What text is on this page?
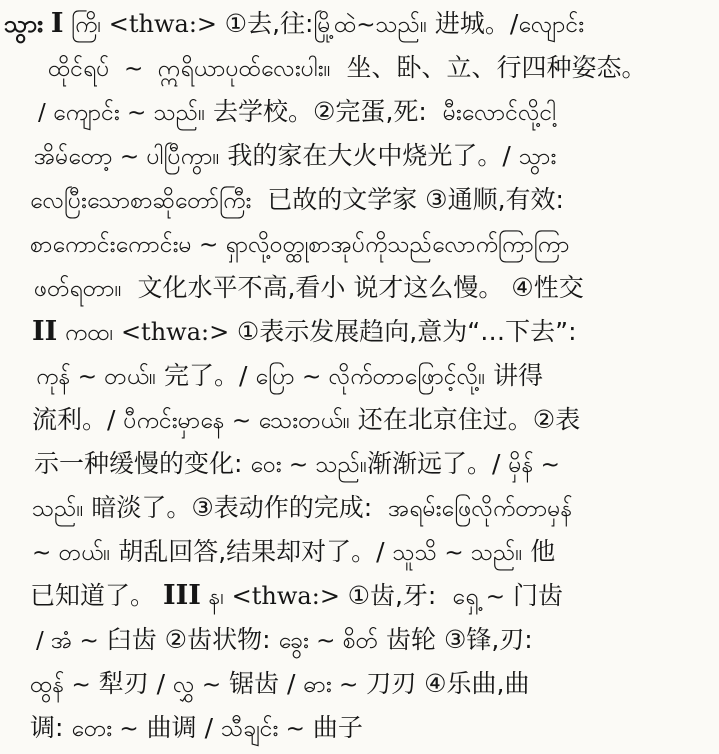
သွား I ကြိ၊ <thwa:> ①去,往:မြို့ထဲ~သည်။ 进城。/လျောင်း
ထိုင်ရပ်  ~  ဣရိယာပုထ်လေးပါး။  坐、卧、立、行四种姿态。
/ ကျောင်း ~ သည်။ 去学校。②完蛋,死:  မီးလောင်လို့ငါ့
အိမ်တော့ ~ ပါပြီကွာ။ 我的家在大火中烧光了。/ သွား
လေပြီးသောစာဆိုတော်ကြီး  已故的文学家 ③通顺,有效:
စာကောင်းကောင်းမ ~ ရှာလို့ဝတ္ထုစာအုပ်ကိုသည်လောက်ကြာကြာ
ဖတ်ရတာ။  文化水平不高,看小 说才这么慢。 ④性交
II ကထ၊ <thwa:> ①表示发展趋向,意为“…下去”:
ကုန် ~ တယ်။ 完了。/ ပြော ~ လိုက်တာဖြောင့်လို့။ 讲得
流利。/ ပီကင်းမှာနေ ~ သေးတယ်။ 还在北京住过。②表
示一种缓慢的变化: ဝေး ~ သည်။渐渐远了。/ မှိန် ~
သည်။ 暗淡了。③表动作的完成:  အရမ်းဖြေလိုက်တာမှန်
~ တယ်။ 胡乱回答,结果却对了。/ သူသိ ~ သည်။ 他
已知道了。 III န၊ <thwa:> ①齿,牙:  ရှေ့ ~ 门齿
/ အံ ~ 臼齿 ②齿状物: ခွေး ~ စိတ် 齿轮 ③锋,刃:
ထွန် ~ 犁刃 / လွှ ~ 锯齿 / ဓား ~ 刀刃 ④乐曲,曲
调: တေး ~ 曲调 / သီချင်း ~ 曲子
